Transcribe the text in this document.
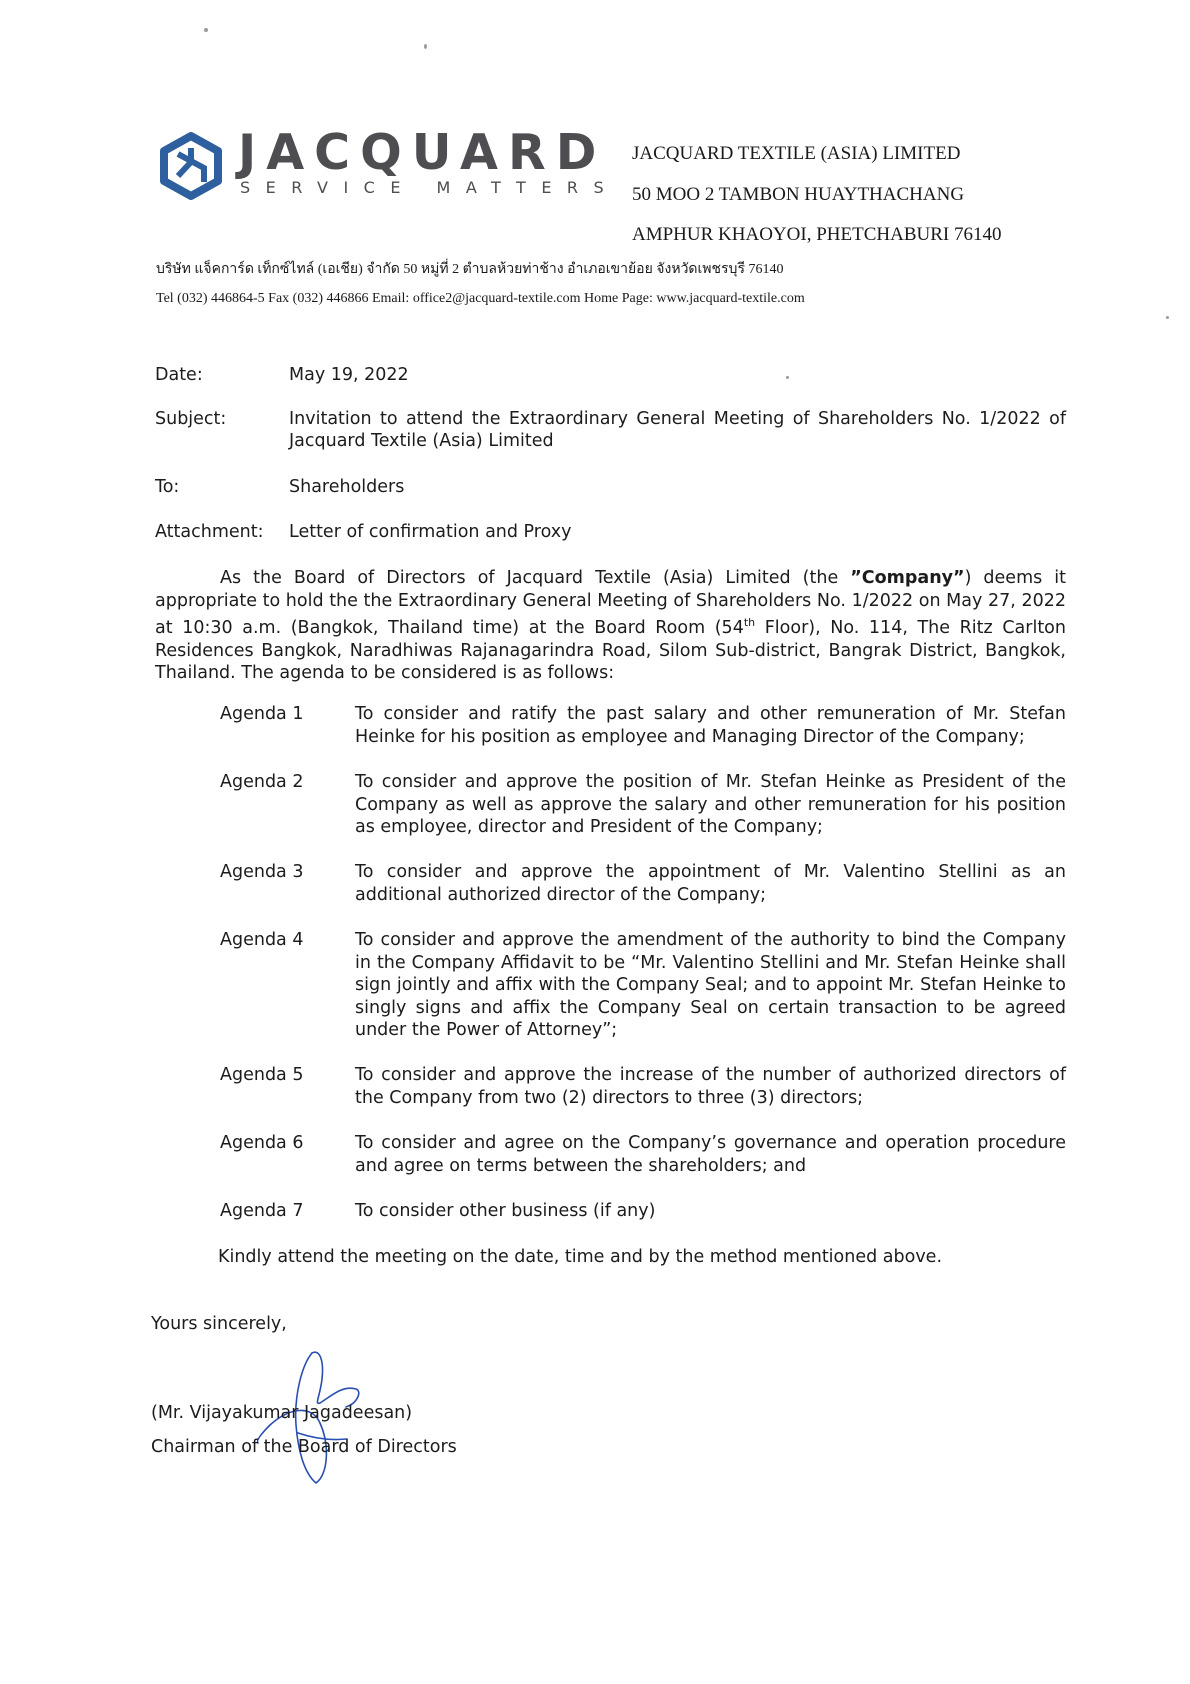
JACQUARD
SERVICE MATTERS
JACQUARD TEXTILE (ASIA) LIMITED
50 MOO 2 TAMBON HUAYTHACHANG
AMPHUR KHAOYOI, PHETCHABURI 76140
บริษัท แจ็คการ์ด เท็กซ์ไทล์ (เอเชีย) จำกัด 50 หมู่ที่ 2 ตำบลห้วยท่าช้าง อำเภอเขาย้อย จังหวัดเพชรบุรี 76140
Tel (032) 446864-5 Fax (032) 446866 Email: office2@jacquard-textile.com Home Page: www.jacquard-textile.com
Date:	May 19, 2022
Subject:	Invitation to attend the Extraordinary General Meeting of Shareholders No. 1/2022 of Jacquard Textile (Asia) Limited
To:	Shareholders
Attachment: Letter of confirmation and Proxy
As the Board of Directors of Jacquard Textile (Asia) Limited (the ”Company”) deems it appropriate to hold the the Extraordinary General Meeting of Shareholders No. 1/2022 on May 27, 2022 at 10:30 a.m. (Bangkok, Thailand time) at the Board Room (54th Floor), No. 114, The Ritz Carlton Residences Bangkok, Naradhiwas Rajanagarindra Road, Silom Sub-district, Bangrak District, Bangkok, Thailand. The agenda to be considered is as follows:
Agenda 1	To consider and ratify the past salary and other remuneration of Mr. Stefan Heinke for his position as employee and Managing Director of the Company;
Agenda 2	To consider and approve the position of Mr. Stefan Heinke as President of the Company as well as approve the salary and other remuneration for his position as employee, director and President of the Company;
Agenda 3	To consider and approve the appointment of Mr. Valentino Stellini as an additional authorized director of the Company;
Agenda 4	To consider and approve the amendment of the authority to bind the Company in the Company Affidavit to be “Mr. Valentino Stellini and Mr. Stefan Heinke shall sign jointly and affix with the Company Seal; and to appoint Mr. Stefan Heinke to singly signs and affix the Company Seal on certain transaction to be agreed under the Power of Attorney”;
Agenda 5	To consider and approve the increase of the number of authorized directors of the Company from two (2) directors to three (3) directors;
Agenda 6	To consider and agree on the Company’s governance and operation procedure and agree on terms between the shareholders; and
Agenda 7	To consider other business (if any)
Kindly attend the meeting on the date, time and by the method mentioned above.
Yours sincerely,
(Mr. Vijayakumar Jagadeesan)
Chairman of the Board of Directors
